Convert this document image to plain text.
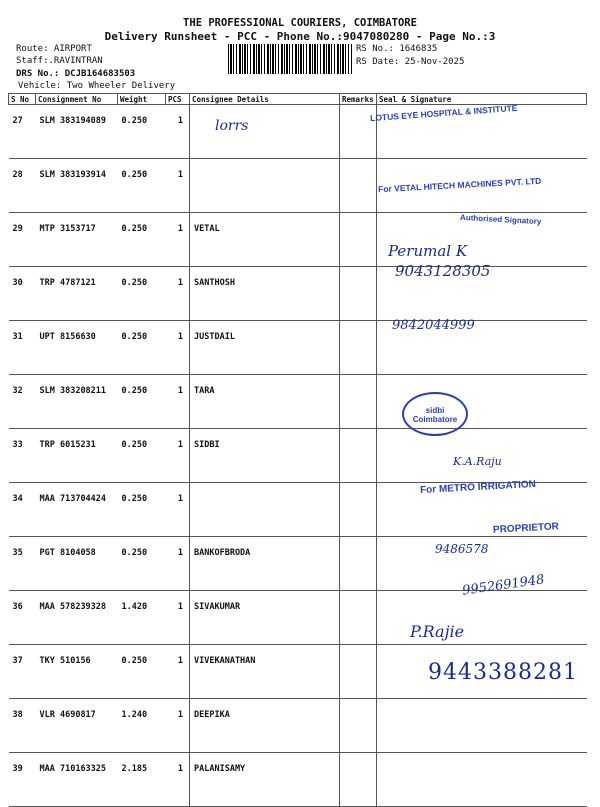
THE PROFESSIONAL COURIERS, COIMBATORE
Delivery Runsheet - PCC - Phone No.:9047080280 - Page No.:3
Route: AIRPORT
Staff:.RAVINTRAN
DRS No.: DCJB164683503
Vehicle: Two Wheeler Delivery
RS No.: 1646835
RS Date: 25-Nov-2025
S No	Consignment No	Weight	PCS	Consignee Details	Remarks	Seal & Signature
27	SLM 383194089	0.250	1			
28	SLM 383193914	0.250	1			
29	MTP 3153717	0.250	1	VETAL		
30	TRP 4787121	0.250	1	SANTHOSH		
31	UPT 8156630	0.250	1	JUSTDAIL		
32	SLM 383208211	0.250	1	TARA		
33	TRP 6015231	0.250	1	SIDBI		
34	MAA 713704424	0.250	1			
35	PGT 8104058	0.250	1	BANKOFBRODA		
36	MAA 578239328	1.420	1	SIVAKUMAR		
37	TKY 510156	0.250	1	VIVEKANATHAN		
38	VLR 4690817	1.240	1	DEEPIKA		
39	MAA 710163325	2.185	1	PALANISAMY		
LOTUS EYE HOSPITAL & INSTITUTE
lorrs
For VETAL HITECH MACHINES PVT. LTD
Authorised Signatory
Perumal K
9043128305
9842044999
sidbi Coimbatore
K.A.Raju
For METRO IRRIGATION
PROPRIETOR
9486578
9952691948
P.Rajie
9443388281
